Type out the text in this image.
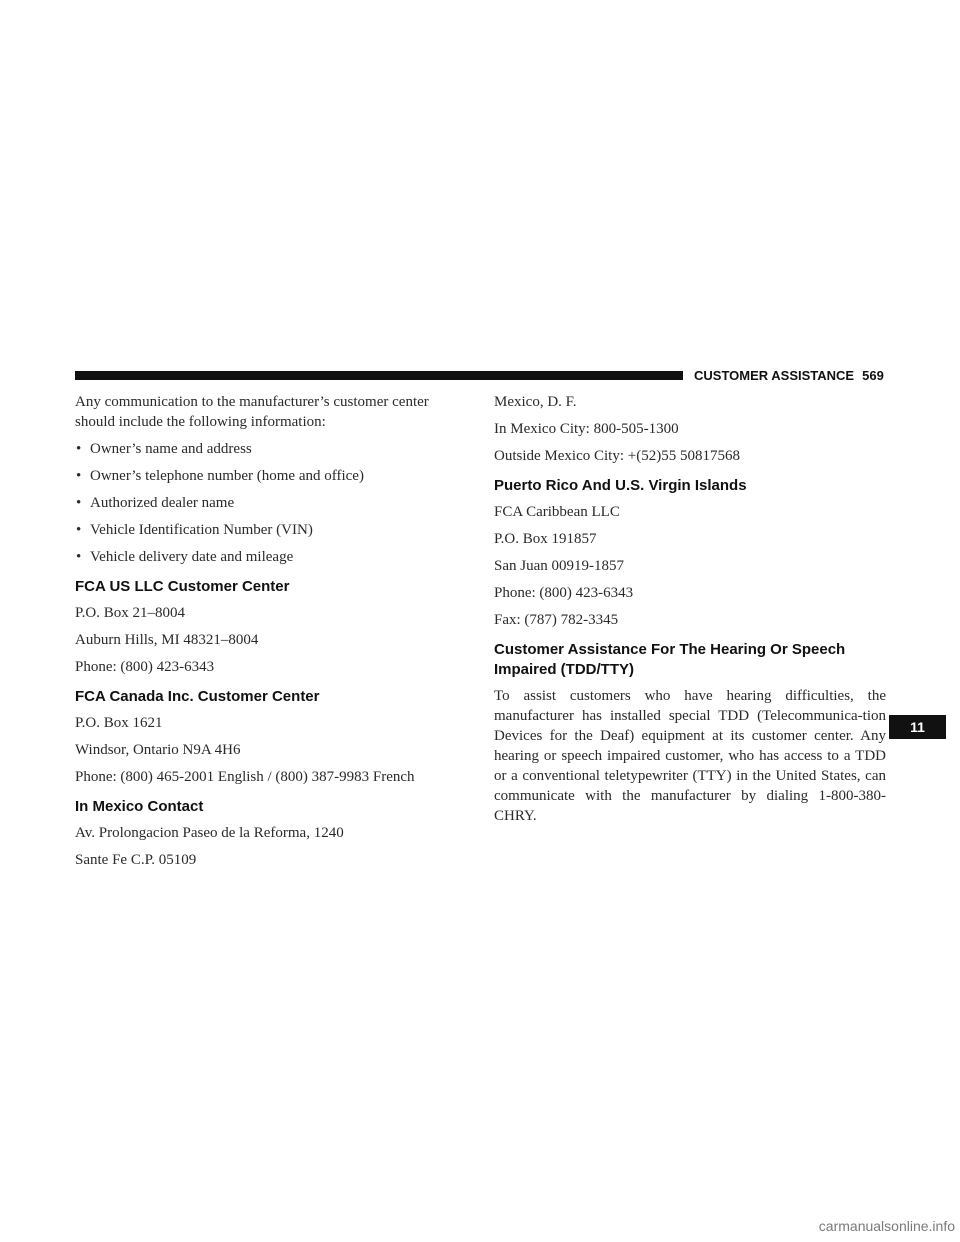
CUSTOMER ASSISTANCE 569

Any communication to the manufacturer’s customer center should include the following information:

• Owner’s name and address
• Owner’s telephone number (home and office)
• Authorized dealer name
• Vehicle Identification Number (VIN)
• Vehicle delivery date and mileage
FCA US LLC Customer Center

P.O. Box 21–8004

Auburn Hills, MI 48321–8004

Phone: (800) 423-6343

FCA Canada Inc. Customer Center

P.O. Box 1621

Windsor, Ontario N9A 4H6

Phone: (800) 465-2001 English / (800) 387-9983 French

In Mexico Contact

Av. Prolongacion Paseo de la Reforma, 1240

Sante Fe C.P. 05109

Mexico, D. F.

In Mexico City: 800-505-1300

Outside Mexico City: +(52)55 50817568

Puerto Rico And U.S. Virgin Islands

FCA Caribbean LLC

P.O. Box 191857

San Juan 00919-1857

Phone: (800) 423-6343

Fax: (787) 782-3345

Customer Assistance For The Hearing Or Speech
Impaired (TDD/TTY)

To assist customers who have hearing difficulties, the manufacturer has installed special TDD (Telecommunica-tion Devices for the Deaf) equipment at its customer center. Any hearing or speech impaired customer, who has access to a TDD or a conventional teletypewriter (TTY) in the United States, can communicate with the manufacturer by dialing 1-800-380-CHRY.

11
carmanualsonline.info
